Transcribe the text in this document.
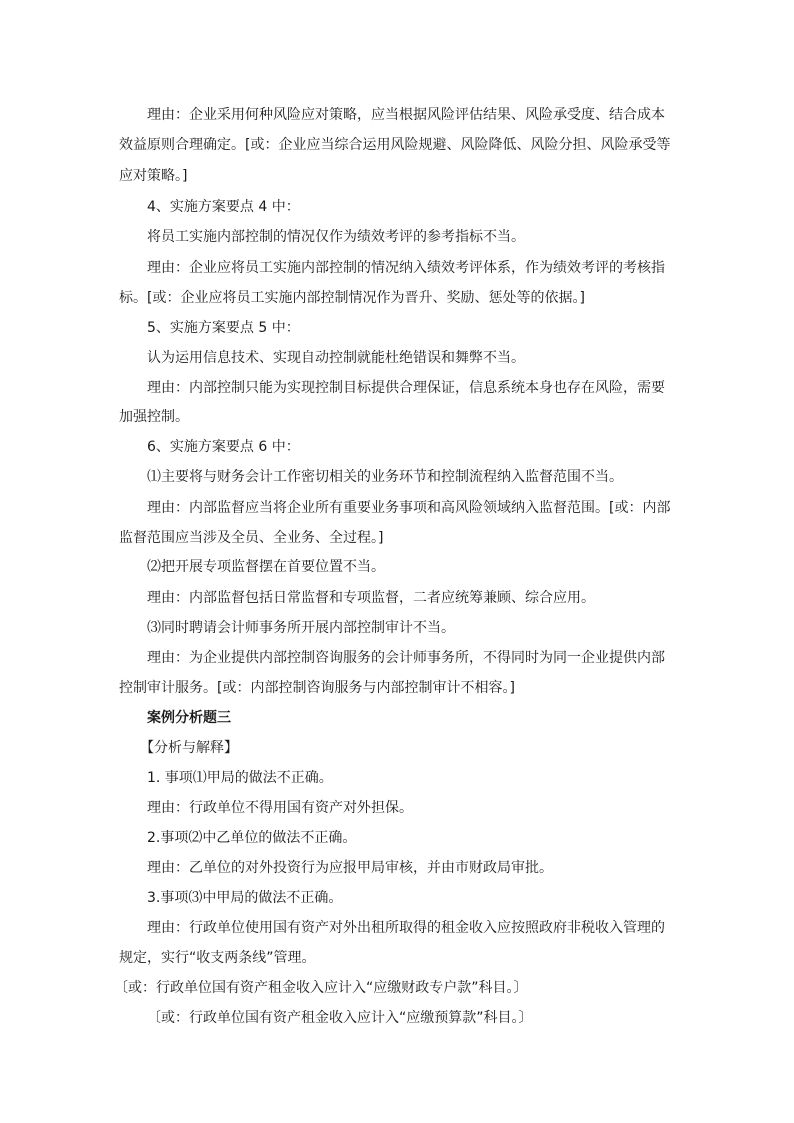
理由：企业采用何种风险应对策略，应当根据风险评估结果、风险承受度、结合成本
效益原则合理确定。[或：企业应当综合运用风险规避、风险降低、风险分担、风险承受等
应对策略。]
4、实施方案要点 4 中：
将员工实施内部控制的情况仅作为绩效考评的参考指标不当。
理由：企业应将员工实施内部控制的情况纳入绩效考评体系，作为绩效考评的考核指
标。[或：企业应将员工实施内部控制情况作为晋升、奖励、惩处等的依据。]
5、实施方案要点 5 中：
认为运用信息技术、实现自动控制就能杜绝错误和舞弊不当。
理由：内部控制只能为实现控制目标提供合理保证，信息系统本身也存在风险，需要
加强控制。
6、实施方案要点 6 中：
⑴主要将与财务会计工作密切相关的业务环节和控制流程纳入监督范围不当。
理由：内部监督应当将企业所有重要业务事项和高风险领域纳入监督范围。[或：内部
监督范围应当涉及全员、全业务、全过程。]
⑵把开展专项监督摆在首要位置不当。
理由：内部监督包括日常监督和专项监督，二者应统筹兼顾、综合应用。
⑶同时聘请会计师事务所开展内部控制审计不当。
理由：为企业提供内部控制咨询服务的会计师事务所，不得同时为同一企业提供内部
控制审计服务。[或：内部控制咨询服务与内部控制审计不相容。]
案例分析题三
【分析与解释】
1. 事项⑴甲局的做法不正确。
理由：行政单位不得用国有资产对外担保。
2.事项⑵中乙单位的做法不正确。
理由：乙单位的对外投资行为应报甲局审核，并由市财政局审批。
3.事项⑶中甲局的做法不正确。
理由：行政单位使用国有资产对外出租所取得的租金收入应按照政府非税收入管理的
规定，实行“收支两条线”管理。
〔或：行政单位国有资产租金收入应计入“应缴财政专户款”科目。〕
〔或：行政单位国有资产租金收入应计入“应缴预算款”科目。〕
